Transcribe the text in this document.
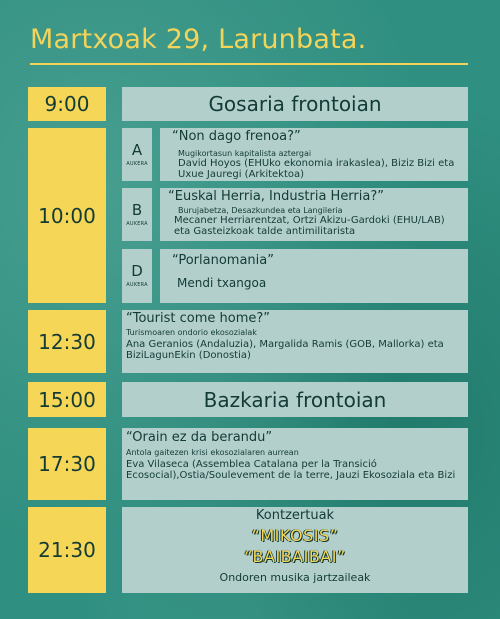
Martxoak 29, Larunbata.
9:00	Gosaria frontoian
10:00
A
AUKERA
“Non dago frenoa?”
Mugikortasun kapitalista aztergai
David Hoyos (EHUko ekonomia irakaslea), Biziz Bizi eta Uxue Jauregi (Arkitektoa)
B
AUKERA
“Euskal Herria, Industria Herria?”
Burujabetza, Desazkundea eta Langileria
Mecaner Herriarentzat, Ortzi Akizu-Gardoki (EHU/LAB) eta Gasteizkoak talde antimilitarista
D
AUKERA
“Porlanomania”
Mendi txangoa
12:30
“Tourist come home?”
Turismoaren ondorio ekosozialak
Ana Geranios (Andaluzia), Margalida Ramis (GOB, Mallorka) eta BiziLagunEkin (Donostia)
15:00	Bazkaria frontoian
17:30
“Orain ez da berandu”
Antola gaitezen krisi ekosozialaren aurrean
Eva Vilaseca (Assemblea Catalana per la Transició Ecosocial),Ostia/Soulevement de la terre, Jauzi Ekosoziala eta Bizi
21:30
Kontzertuak
“MIKOSIS”
“BAIBAIBAI”
Ondoren musika jartzaileak
